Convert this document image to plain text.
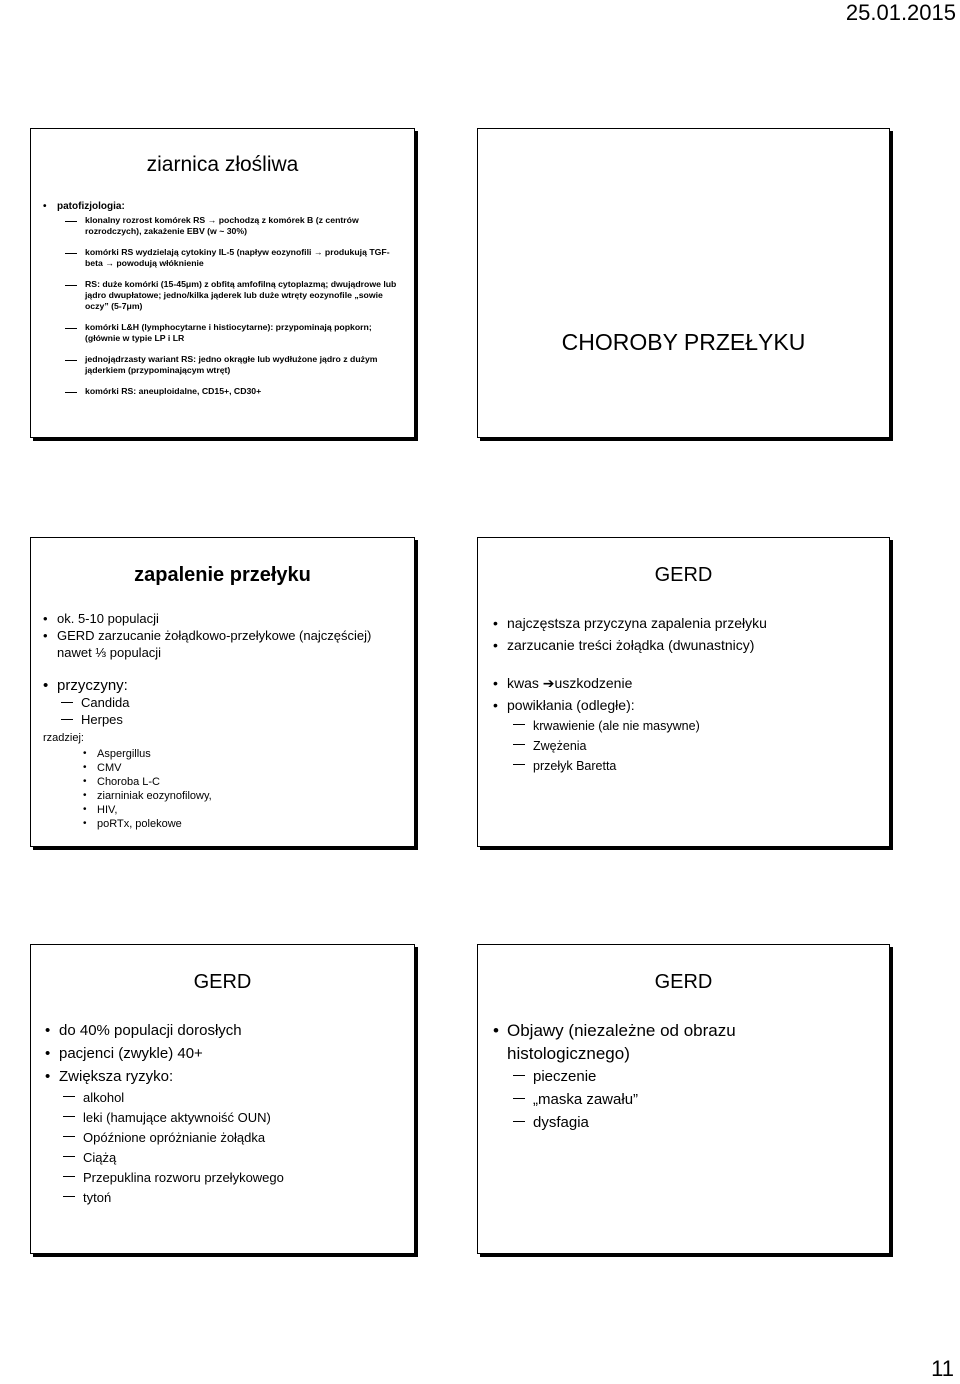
25.01.2015
ziarnica złośliwa
• patofizjologia:
klonalny rozrost komórek RS → pochodzą z komórek B (z centrów rozrodczych), zakażenie EBV (w ~ 30%)
komórki RS wydzielają cytokiny IL-5 (napływ eozynofili → produkują TGF-beta → powodują włóknienie
RS: duże komórki (15-45μm) z obfitą amfofilną cytoplazmą; dwujądrowe lub jądro dwupłatowe; jedno/kilka jąderek lub duże wtręty eozynofile „sowie oczy” (5-7μm)
komórki L&H (lymphocytarne i histiocytarne): przypominają popkorn; (głównie w typie LP i LR
jednojądrzasty wariant RS: jedno okrągłe lub wydłużone jądro z dużym jąderkiem (przypominającym wtręt)
komórki RS: aneuploidalne, CD15+, CD30+
CHOROBY PRZEŁYKU
zapalenie przełyku
• ok. 5-10 populacji
• GERD zarzucanie żołądkowo-przełykowe (najczęściej)
nawet ⅓ populacji
• przyczyny:
Candida
Herpes
rzadziej:
• Aspergillus
• CMV
• Choroba L-C
• ziarniniak eozynofilowy,
• HIV,
• poRTx, polekowe
GERD
• najczęstsza przyczyna zapalenia przełyku
• zarzucanie treści żołądka (dwunastnicy)
• kwas ➔uszkodzenie
• powikłania (odległe):
krwawienie (ale nie masywne)
Zwężenia
przełyk Baretta
GERD
• do 40% populacji dorosłych
• pacjenci (zwykle) 40+
• Zwiększa ryzyko:
alkohol
leki (hamujące aktywnoiść OUN)
Opóźnione opróżnianie żołądka
Ciążą
Przepuklina rozworu przełykowego
tytoń
GERD
• Objawy (niezależne od obrazu
histologicznego)
pieczenie
„maska zawału”
dysfagia
11
